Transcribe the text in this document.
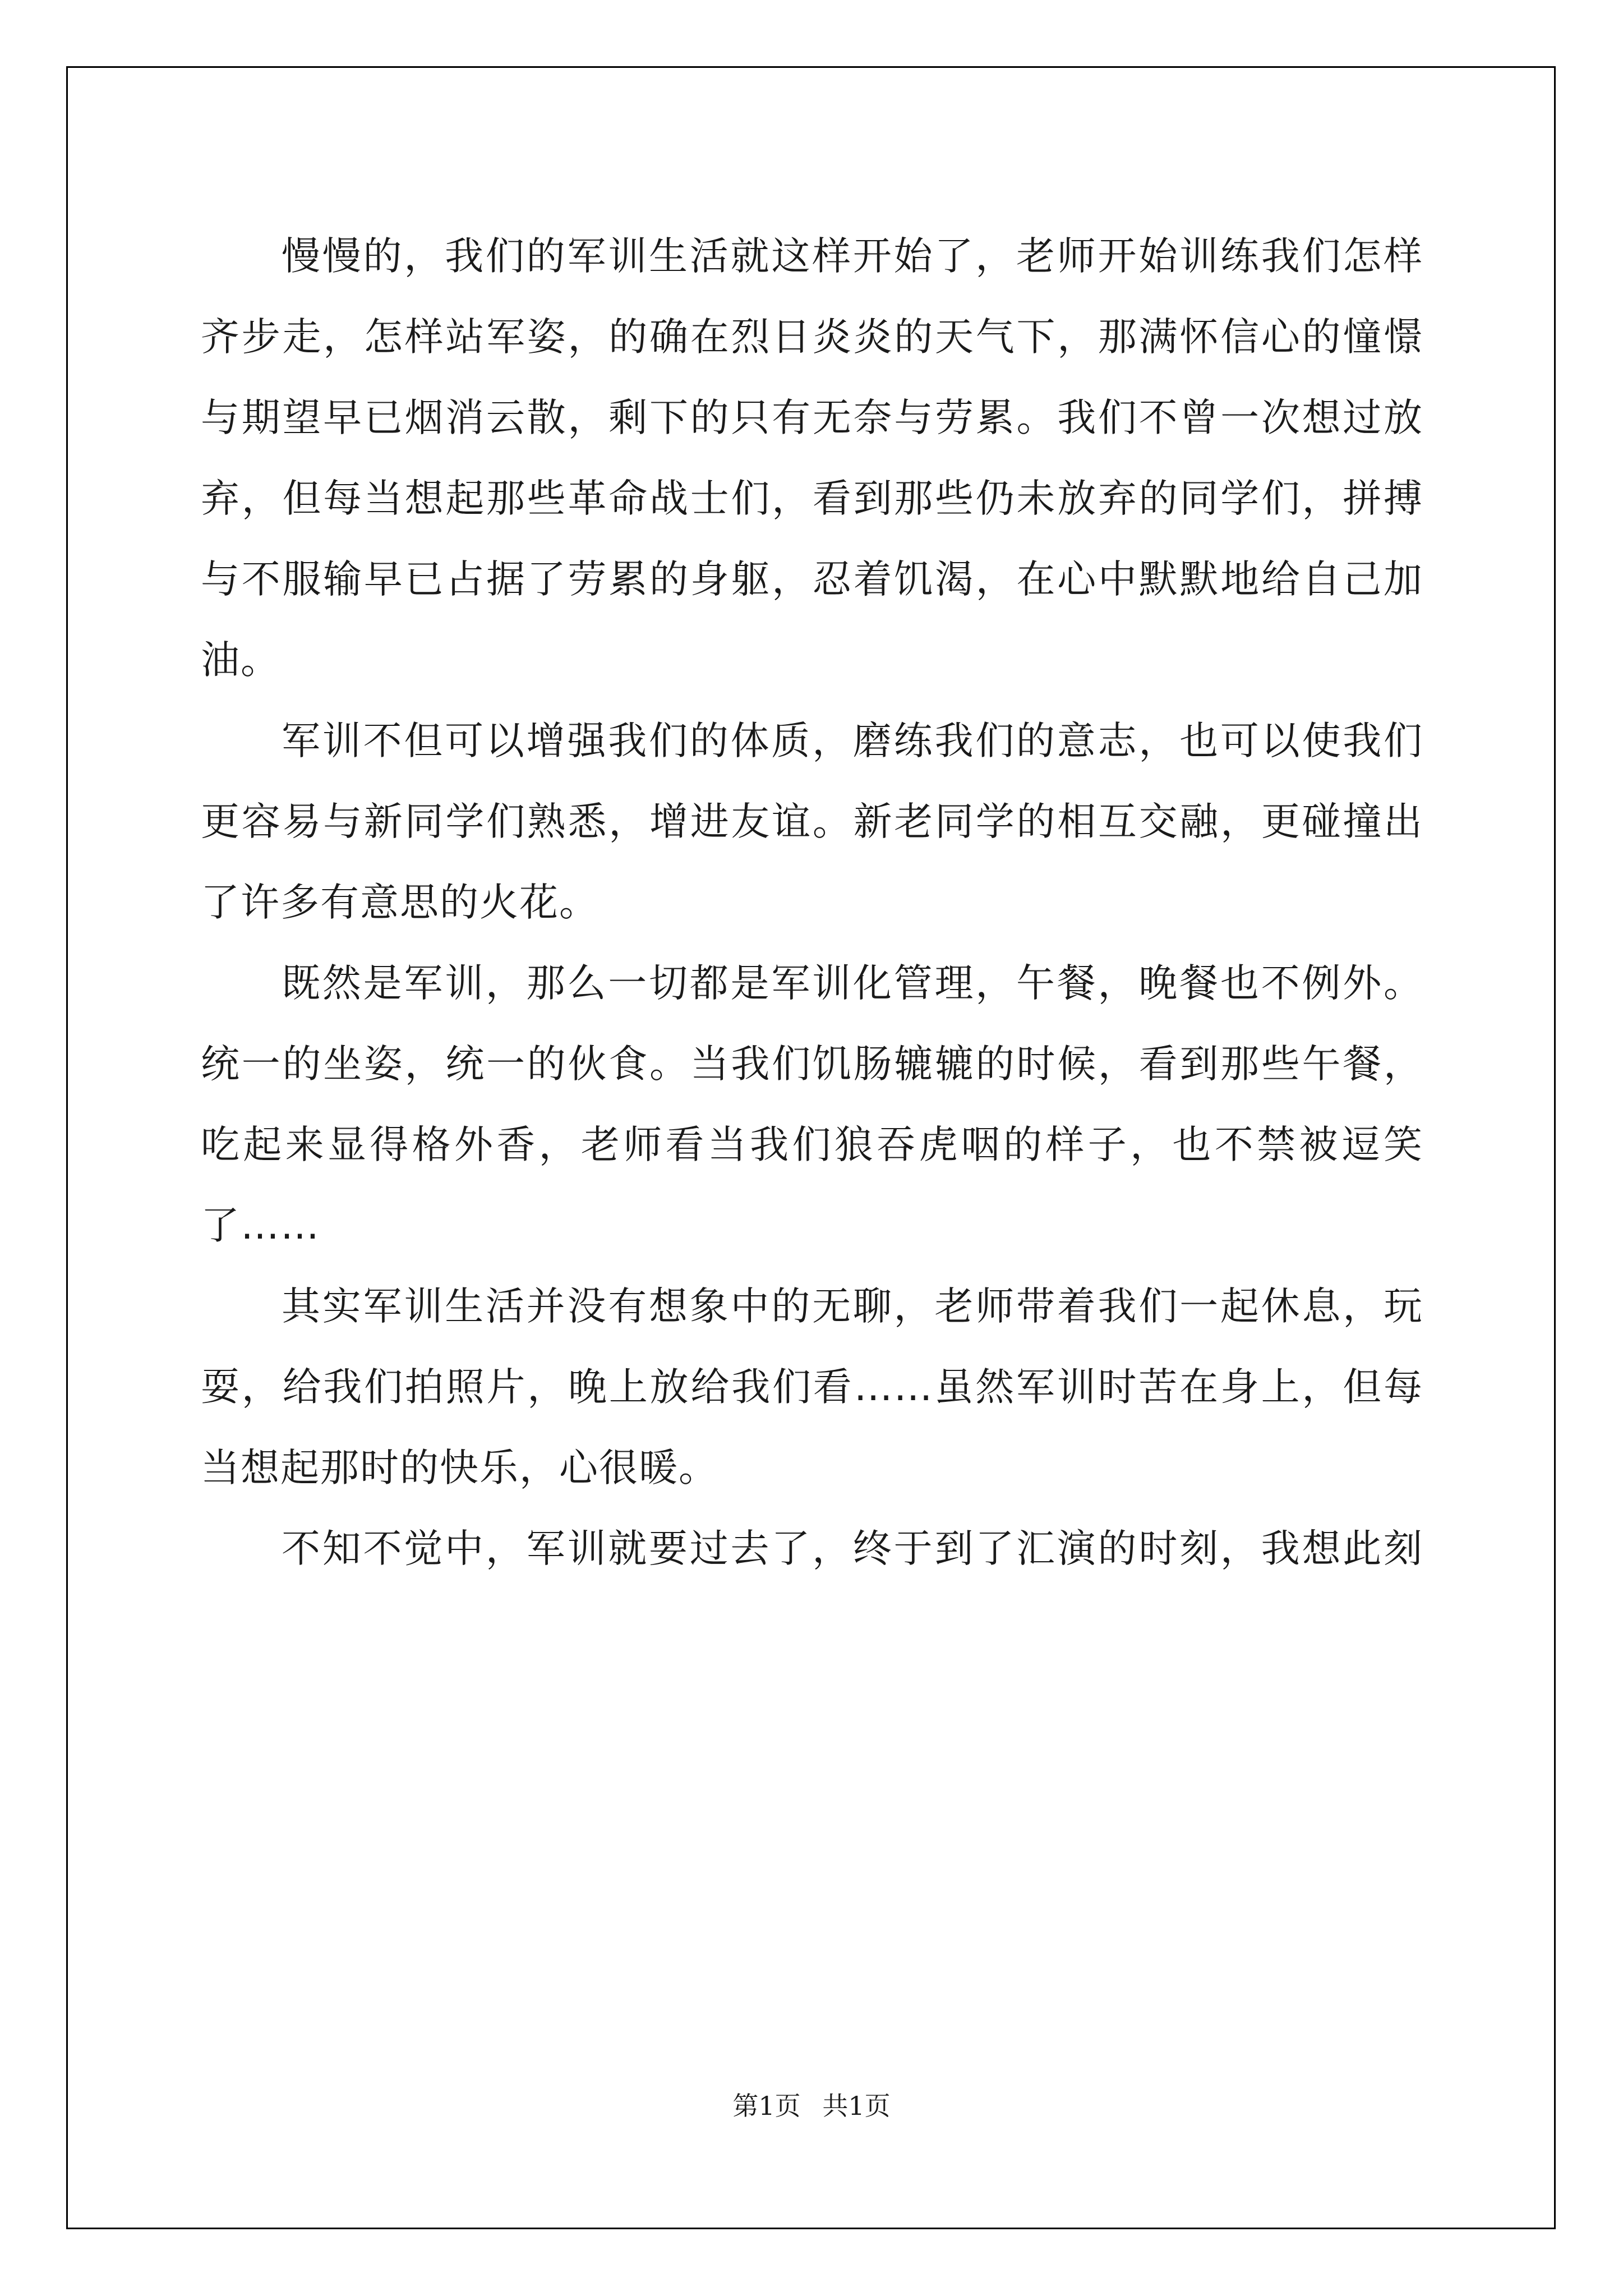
慢慢的，我们的军训生活就这样开始了，老师开始训练我们怎样齐步走，怎样站军姿，的确在烈日炎炎的天气下，那满怀信心的憧憬与期望早已烟消云散，剩下的只有无奈与劳累。我们不曾一次想过放弃，但每当想起那些革命战士们，看到那些仍未放弃的同学们，拼搏与不服输早已占据了劳累的身躯，忍着饥渴，在心中默默地给自己加油。

军训不但可以增强我们的体质，磨练我们的意志，也可以使我们更容易与新同学们熟悉，增进友谊。新老同学的相互交融，更碰撞出了许多有意思的火花。

既然是军训，那么一切都是军训化管理，午餐，晚餐也不例外。统一的坐姿，统一的伙食。当我们饥肠辘辘的时候，看到那些午餐，吃起来显得格外香，老师看当我们狼吞虎咽的样子，也不禁被逗笑了……

其实军训生活并没有想象中的无聊，老师带着我们一起休息，玩耍，给我们拍照片，晚上放给我们看……虽然军训时苦在身上，但每当想起那时的快乐，心很暖。

不知不觉中，军训就要过去了，终于到了汇演的时刻，我想此刻

第1页 共1页
